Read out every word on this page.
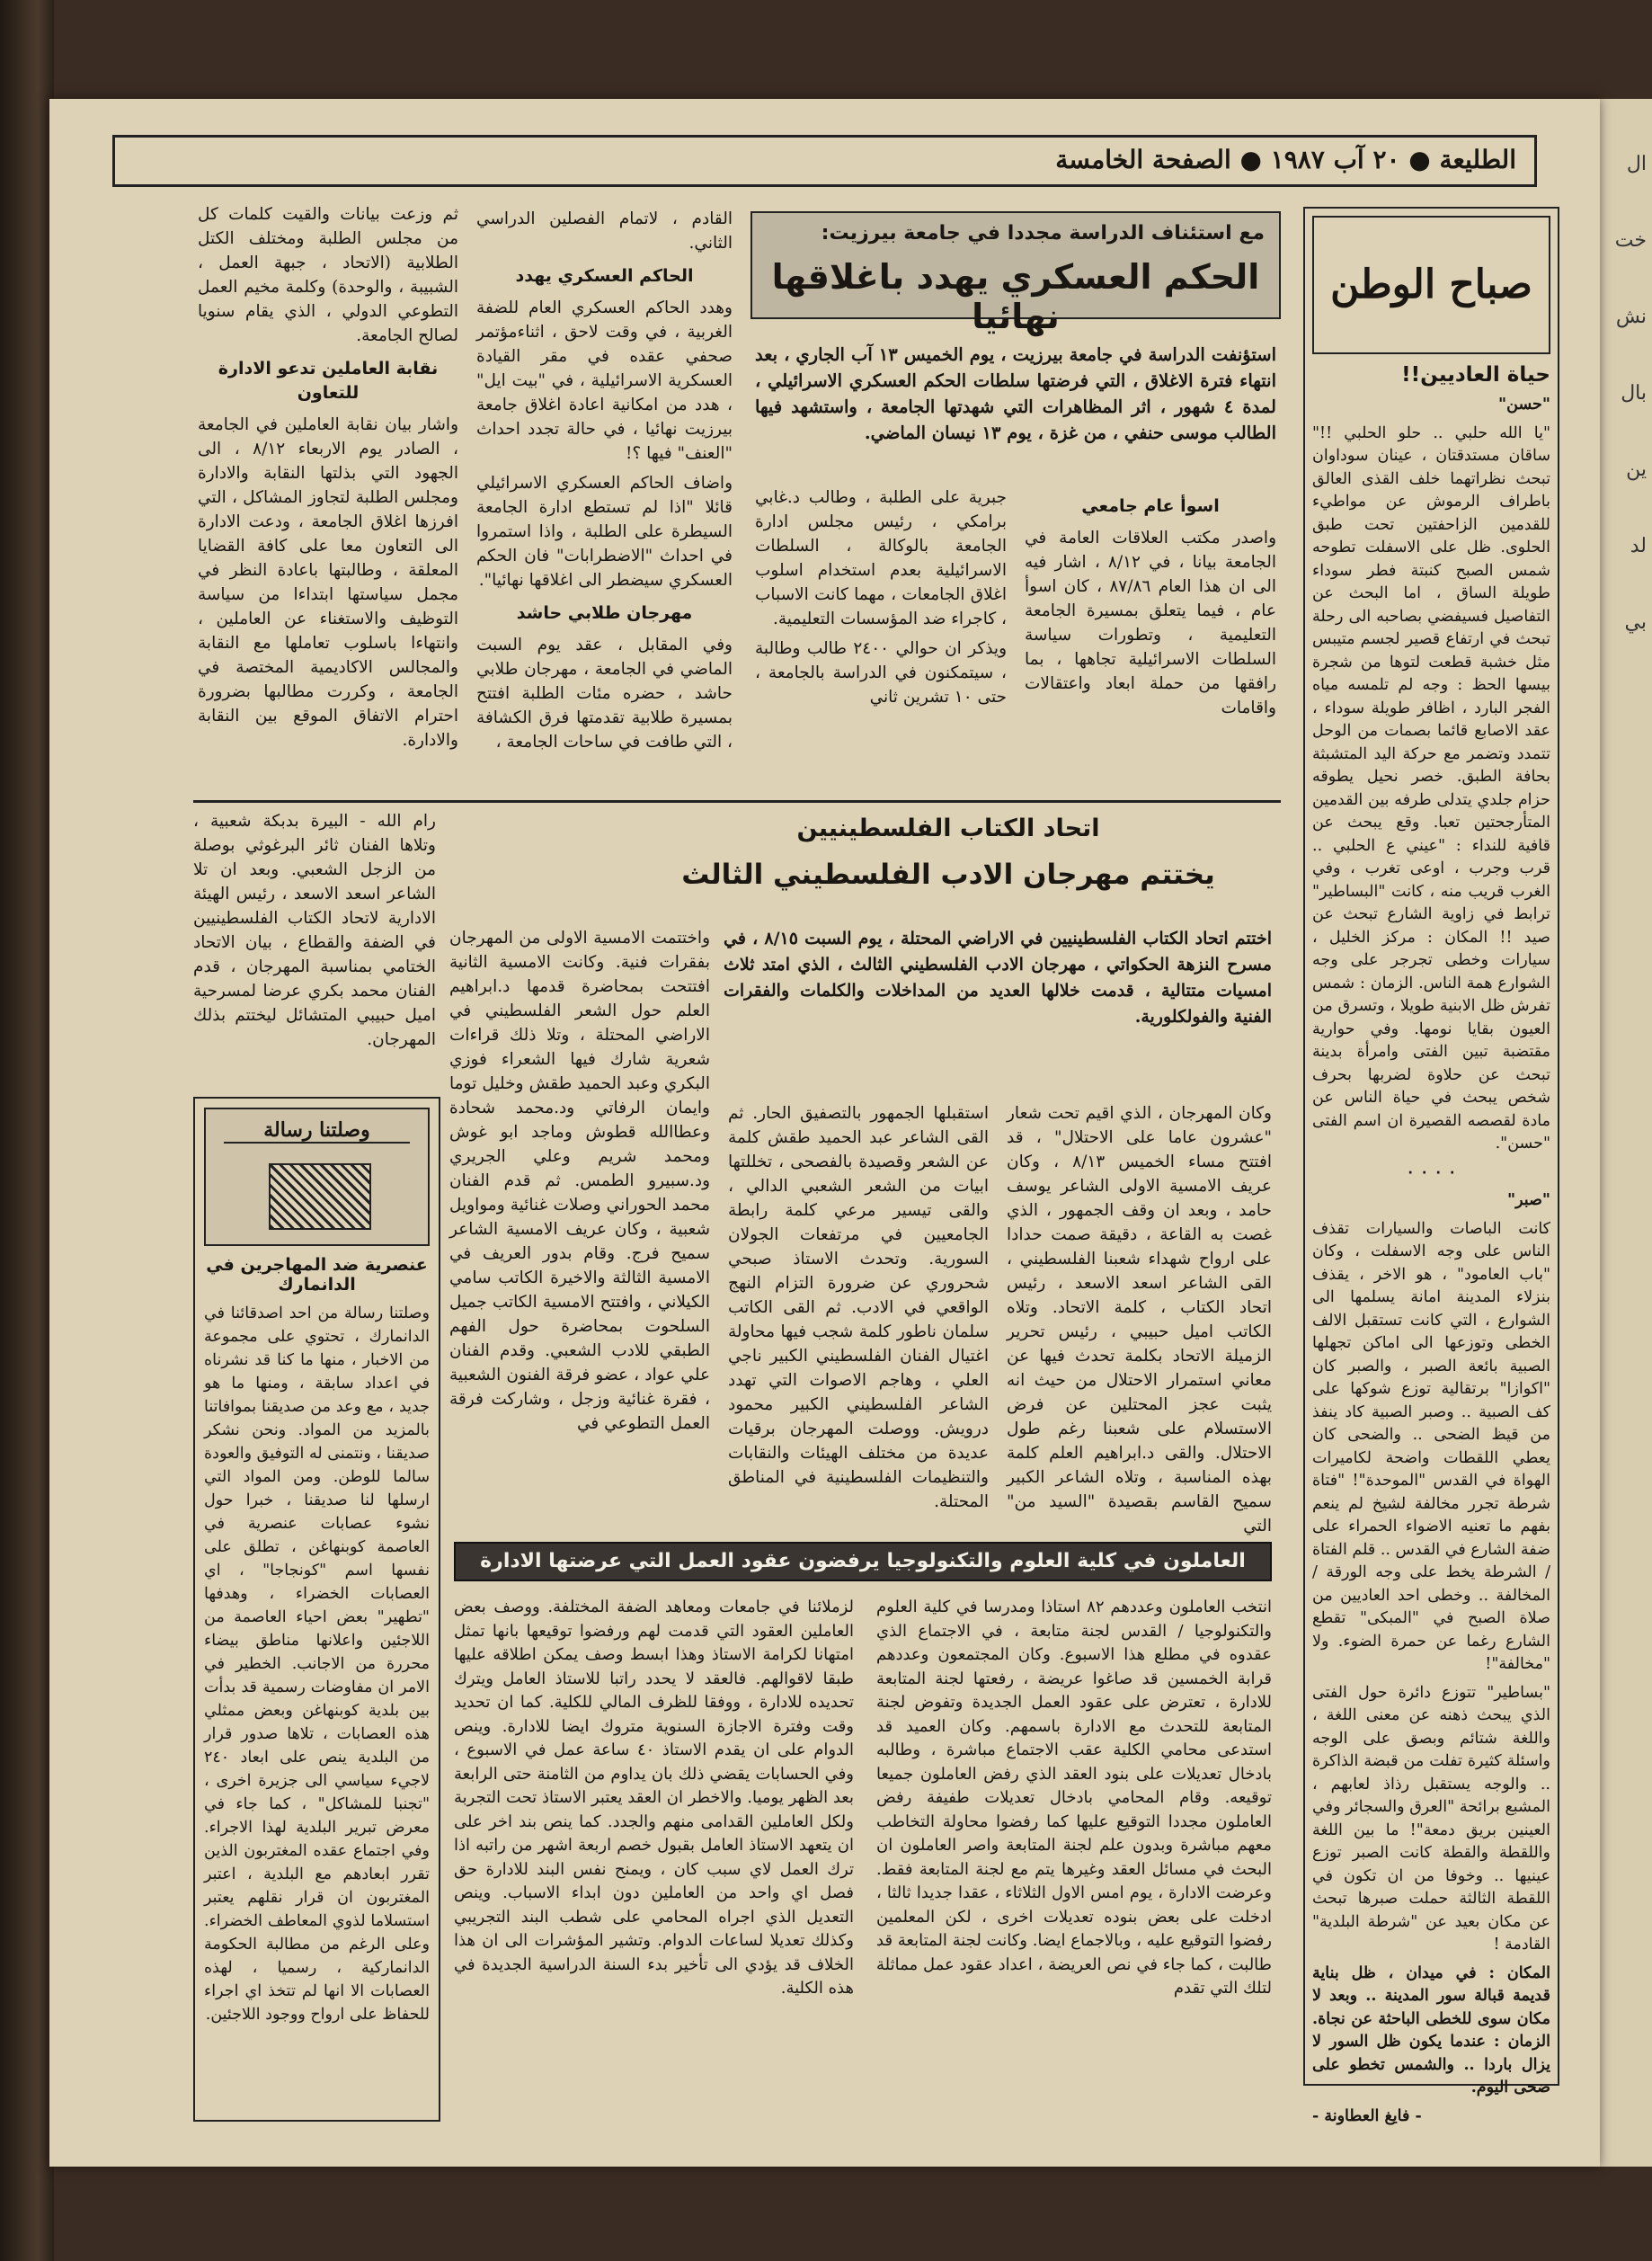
ال
خت
نش
بال
ين
لد
بي
الطليعة ● ٢٠ آب ١٩٨٧ ● الصفحة الخامسة
صباح الوطن
حياة العاديين!!

"حسن"

"يا الله حلبي .. حلو الحلبي !!" ساقان مستدقتان ، عينان سوداوان تبحث نظراتهما خلف القذى العالق باطراف الرموش عن مواطيء للقدمين الزاحفتين تحت طبق الحلوى. ظل على الاسفلت تطوحه شمس الصبح كنبتة فطر سوداء طويلة الساق ، اما البحث عن التفاصيل فسيفضي بصاحبه الى رحلة تبحث في ارتفاع قصير لجسم متيبس مثل خشبة قطعت لتوها من شجرة بيسها الحظ : وجه لم تلمسه مياه الفجر البارد ، اظافر طويلة سوداء ، عقد الاصابع قائما بصمات من الوحل تتمدد وتضمر مع حركة اليد المتشبثة بحافة الطبق. خصر نحيل يطوقه حزام جلدي يتدلى طرفه بين القدمين المتأرجحتين تعبا. وقع يبحث عن قافية للنداء : "عيني ع الحلبي .. قرب وجرب ، اوعى تغرب ، وفي الغرب قريب منه ، كانت "البساطير" ترابط في زاوية الشارع تبحث عن صيد !! المكان : مركز الخليل ، سيارات وخطى تجرجر على وجه الشوارع همة الناس. الزمان : شمس تفرش ظل الابنية طويلا ، وتسرق من العيون بقايا نومها. وفي حوارية مقتضبة تبين الفتى وامرأة بدينة تبحث عن حلاوة لضربها بحرف شخص يبحث في حياة الناس عن مادة لقصصه القصيرة ان اسم الفتى "حسن".

٠ ٠ ٠ ٠

"صبر"

كانت الباصات والسيارات تقذف الناس على وجه الاسفلت ، وكان "باب العامود" ، هو الاخر ، يقذف بنزلاء المدينة امانة يسلمها الى الشوارع ، التي كانت تستقبل الالف الخطى وتوزعها الى اماكن تجهلها الصبية بائعة الصبر ، والصبر كان "اكوازا" برتقالية توزع شوكها على كف الصبية .. وصبر الصبية كاد ينفذ من قيظ الضحى .. والضحى كان يعطي اللقطات واضحة لكاميرات الهواة في القدس "الموحدة"! "فتاة شرطة تجرر مخالفة لشيخ لم ينعم بفهم ما تعنيه الاضواء الحمراء على ضفة الشارع في القدس .. قلم الفتاة / الشرطة يخط على وجه الورقة / المخالفة .. وخطى احد العاديين من صلاة الصبح في "المبكى" تقطع الشارع رغما عن حمرة الضوء. ولا "مخالفة"!

"بساطير" تتوزع دائرة حول الفتى الذي يبحث ذهنه عن معنى اللغة ، واللغة شتائم وبصق على الوجه واسئلة كثيرة تفلت من قبضة الذاكرة .. والوجه يستقبل رذاذ لعابهم ، المشبع برائحة "العرق والسجائر وفي العينين بريق دمعة"! ما بين اللغة واللقطة والقطة كانت الصبر توزع عينيها .. وخوفا من ان تكون في اللقطة الثالثة حملت صبرها تبحث عن مكان بعيد عن "شرطة البلدية" القادمة !

المكان : في ميدان ، ظل بناية قديمة قبالة سور المدينة .. وبعد لا مكان سوى للخطى الباحثة عن نجاة. الزمان : عندما يكون ظل السور لا يزال باردا .. والشمس تخطو على ضحى اليوم.

- فايغ العطاونة -

مع استئناف الدراسة مجددا في جامعة بيرزيت:
الحكم العسكري يهدد باغلاقها نهائيا

استؤنفت الدراسة في جامعة بيرزيت ، يوم الخميس ١٣ آب الجاري ، بعد انتهاء فترة الاغلاق ، التي فرضتها سلطات الحكم العسكري الاسرائيلي ، لمدة ٤ شهور ، اثر المظاهرات التي شهدتها الجامعة ، واستشهد فيها الطالب موسى حنفي ، من غزة ، يوم ١٣ نيسان الماضي.

اسوأ عام جامعي

واصدر مكتب العلاقات العامة في الجامعة بيانا ، في ٨/١٢ ، اشار فيه الى ان هذا العام ٨٧/٨٦ ، كان اسوأ عام ، فيما يتعلق بمسيرة الجامعة التعليمية ، وتطورات سياسة السلطات الاسرائيلية تجاهها ، بما رافقها من حملة ابعاد واعتقالات واقامات

جبرية على الطلبة ، وطالب د.غابي برامكي ، رئيس مجلس ادارة الجامعة بالوكالة ، السلطات الاسرائيلية بعدم استخدام اسلوب اغلاق الجامعات ، مهما كانت الاسباب ، كاجراء ضد المؤسسات التعليمية.

ويذكر ان حوالي ٢٤٠٠ طالب وطالبة ، سيتمكنون في الدراسة بالجامعة ، حتى ١٠ تشرين ثاني

القادم ، لاتمام الفصلين الدراسي الثاني.

الحاكم العسكري يهدد

وهدد الحاكم العسكري العام للضفة الغربية ، في وقت لاحق ، اثناءمؤتمر صحفي عقده في مقر القيادة العسكرية الاسرائيلية ، في "بيت ايل" ، هدد من امكانية اعادة اغلاق جامعة بيرزيت نهائيا ، في حالة تجدد احداث "العنف" فيها ؟!

واضاف الحاكم العسكري الاسرائيلي قائلا "اذا لم تستطع ادارة الجامعة السيطرة على الطلبة ، واذا استمروا في احداث "الاضطرابات" فان الحكم العسكري سيضطر الى اغلاقها نهائيا".

مهرجان طلابي حاشد

وفي المقابل ، عقد يوم السبت الماضي في الجامعة ، مهرجان طلابي حاشد ، حضره مئات الطلبة افتتح بمسيرة طلابية تقدمتها فرق الكشافة ، التي طافت في ساحات الجامعة ،

ثم وزعت بيانات والقيت كلمات كل من مجلس الطلبة ومختلف الكتل الطلابية (الاتحاد ، جبهة العمل ، الشبيبة ، والوحدة) وكلمة مخيم العمل التطوعي الدولي ، الذي يقام سنويا لصالح الجامعة.

نقابة العاملين تدعو الادارة للتعاون

واشار بيان نقابة العاملين في الجامعة ، الصادر يوم الاربعاء ٨/١٢ ، الى الجهود التي بذلتها النقابة والادارة ومجلس الطلبة لتجاوز المشاكل ، التي افرزها اغلاق الجامعة ، ودعت الادارة الى التعاون معا على كافة القضايا المعلقة ، وطالبتها باعادة النظر في مجمل سياستها ابتداءا من سياسة التوظيف والاستغناء عن العاملين ، وانتهاءا باسلوب تعاملها مع النقابة والمجالس الاكاديمية المختصة في الجامعة ، وكررت مطالبها بضرورة احترام الاتفاق الموقع بين النقابة والادارة.

اتحاد الكتاب الفلسطينيين
يختتم مهرجان الادب الفلسطيني الثالث

اختتم اتحاد الكتاب الفلسطينيين في الاراضي المحتلة ، يوم السبت ٨/١٥ ، في مسرح النزهة الحكواتي ، مهرجان الادب الفلسطيني الثالث ، الذي امتد ثلاث امسيات متتالية ، قدمت خلالها العديد من المداخلات والكلمات والفقرات الفنية والفولكلورية.

وكان المهرجان ، الذي اقيم تحت شعار "عشرون عاما على الاحتلال" ، قد افتتح مساء الخميس ٨/١٣ ، وكان عريف الامسية الاولى الشاعر يوسف حامد ، وبعد ان وقف الجمهور ، الذي غصت به القاعة ، دقيقة صمت حدادا على ارواح شهداء شعبنا الفلسطيني ، القى الشاعر اسعد الاسعد ، رئيس اتحاد الكتاب ، كلمة الاتحاد. وتلاه الكاتب اميل حبيبي ، رئيس تحرير الزميلة الاتحاد بكلمة تحدث فيها عن معاني استمرار الاحتلال من حيث انه يثبت عجز المحتلين عن فرض الاستسلام على شعبنا رغم طول الاحتلال. والقى د.ابراهيم العلم كلمة بهذه المناسبة ، وتلاه الشاعر الكبير سميح القاسم بقصيدة "السيد من" التي

استقبلها الجمهور بالتصفيق الحار. ثم القى الشاعر عبد الحميد طقش كلمة عن الشعر وقصيدة بالفصحى ، تخللتها ابيات من الشعر الشعبي الدالي ، والقى تيسير مرعي كلمة رابطة الجامعيين في مرتفعات الجولان السورية. وتحدث الاستاذ صبحي شحروري عن ضرورة التزام النهج الواقعي في الادب. ثم القى الكاتب سلمان ناطور كلمة شجب فيها محاولة اغتيال الفنان الفلسطيني الكبير ناجي العلي ، وهاجم الاصوات التي تهدد الشاعر الفلسطيني الكبير محمود درويش. ووصلت المهرجان برقيات عديدة من مختلف الهيئات والنقابات والتنظيمات الفلسطينية في المناطق المحتلة.

واختتمت الامسية الاولى من المهرجان بفقرات فنية. وكانت الامسية الثانية افتتحت بمحاضرة قدمها د.ابراهيم العلم حول الشعر الفلسطيني في الاراضي المحتلة ، وتلا ذلك قراءات شعرية شارك فيها الشعراء فوزي البكري وعبد الحميد طقش وخليل توما وايمان الرفاتي ود.محمد شحادة وعطاالله قطوش وماجد ابو غوش ومحمد شريم وعلي الجريري ود.سبيرو الطمس. ثم قدم الفنان محمد الحوراني وصلات غنائية ومواويل شعبية ، وكان عريف الامسية الشاعر سميح فرج. وقام بدور العريف في الامسية الثالثة والاخيرة الكاتب سامي الكيلاني ، وافتتح الامسية الكاتب جميل السلحوت بمحاضرة حول الفهم الطبقي للادب الشعبي. وقدم الفنان علي عواد ، عضو فرقة الفنون الشعبية ، فقرة غنائية وزجل ، وشاركت فرقة العمل التطوعي في

رام الله - البيرة بدبكة شعبية ، وتلاها الفنان ثائر البرغوثي بوصلة من الزجل الشعبي. وبعد ان تلا الشاعر اسعد الاسعد ، رئيس الهيئة الادارية لاتحاد الكتاب الفلسطينيين في الضفة والقطاع ، بيان الاتحاد الختامي بمناسبة المهرجان ، قدم الفنان محمد بكري عرضا لمسرحية اميل حبيبي المتشائل ليختتم بذلك المهرجان.

وصلتنا رسالة
عنصرية ضد المهاجرين في الدانمارك

وصلتنا رسالة من احد اصدقائنا في الدانمارك ، تحتوي على مجموعة من الاخبار ، منها ما كنا قد نشرناه في اعداد سابقة ، ومنها ما هو جديد ، مع وعد من صديقنا بموافاتنا بالمزيد من المواد. ونحن نشكر صديقنا ، ونتمنى له التوفيق والعودة سالما للوطن. ومن المواد التي ارسلها لنا صديقنا ، خبرا حول نشوء عصابات عنصرية في العاصمة كوبنهاغن ، تطلق على نفسها اسم "كونجاجا" ، اي العصابات الخضراء ، وهدفها "تطهير" بعض احياء العاصمة من اللاجئين واعلانها مناطق بيضاء محررة من الاجانب. الخطير في الامر ان مفاوضات رسمية قد بدأت بين بلدية كوبنهاغن وبعض ممثلي هذه العصابات ، تلاها صدور قرار من البلدية ينص على ابعاد ٢٤٠ لاجيء سياسي الى جزيرة اخرى ، "تجنبا للمشاكل" ، كما جاء في معرض تبرير البلدية لهذا الاجراء. وفي اجتماع عقده المغتربون الذين تقرر ابعادهم مع البلدية ، اعتبر المغتربون ان قرار نقلهم يعتبر استسلاما لذوي المعاطف الخضراء. وعلى الرغم من مطالبة الحكومة الدانماركية ، رسميا ، لهذه العصابات الا انها لم تتخذ اي اجراء للحفاظ على ارواح ووجود اللاجئين.

العاملون في كلية العلوم والتكنولوجيا يرفضون عقود العمل التي عرضتها الادارة

انتخب العاملون وعددهم ٨٢ استاذا ومدرسا في كلية العلوم والتكنولوجيا / القدس لجنة متابعة ، في الاجتماع الذي عقدوه في مطلع هذا الاسبوع. وكان المجتمعون وعددهم قرابة الخمسين قد صاغوا عريضة ، رفعتها لجنة المتابعة للادارة ، تعترض على عقود العمل الجديدة وتفوض لجنة المتابعة للتحدث مع الادارة باسمهم. وكان العميد قد استدعى محامي الكلية عقب الاجتماع مباشرة ، وطالبه بادخال تعديلات على بنود العقد الذي رفض العاملون جميعا توقيعه. وقام المحامي بادخال تعديلات طفيفة رفض العاملون مجددا التوقيع عليها كما رفضوا محاولة التخاطب معهم مباشرة وبدون علم لجنة المتابعة واصر العاملون ان البحث في مسائل العقد وغيرها يتم مع لجنة المتابعة فقط. وعرضت الادارة ، يوم امس الاول الثلاثاء ، عقدا جديدا ثالثا ، ادخلت على بعض بنوده تعديلات اخرى ، لكن المعلمين رفضوا التوقيع عليه ، وبالاجماع ايضا. وكانت لجنة المتابعة قد طالبت ، كما جاء في نص العريضة ، اعداد عقود عمل مماثلة لتلك التي تقدم

لزملائنا في جامعات ومعاهد الضفة المختلفة. ووصف بعض العاملين العقود التي قدمت لهم ورفضوا توقيعها بانها تمثل امتهانا لكرامة الاستاذ وهذا ابسط وصف يمكن اطلاقه عليها طبقا لاقوالهم. فالعقد لا يحدد راتبا للاستاذ العامل ويترك تحديده للادارة ، ووفقا للظرف المالي للكلية. كما ان تحديد وقت وفترة الاجازة السنوية متروك ايضا للادارة. وينص الدوام على ان يقدم الاستاذ ٤٠ ساعة عمل في الاسبوع ، وفي الحسابات يقضي ذلك بان يداوم من الثامنة حتى الرابعة بعد الظهر يوميا. والاخطر ان العقد يعتبر الاستاذ تحت التجربة ولكل العاملين القدامى منهم والجدد. كما ينص بند اخر على ان يتعهد الاستاذ العامل بقبول خصم اربعة اشهر من راتبه اذا ترك العمل لاي سبب كان ، ويمنح نفس البند للادارة حق فصل اي واحد من العاملين دون ابداء الاسباب. وينص التعديل الذي اجراه المحامي على شطب البند التجريبي وكذلك تعديلا لساعات الدوام. وتشير المؤشرات الى ان هذا الخلاف قد يؤدي الى تأخير بدء السنة الدراسية الجديدة في هذه الكلية.
